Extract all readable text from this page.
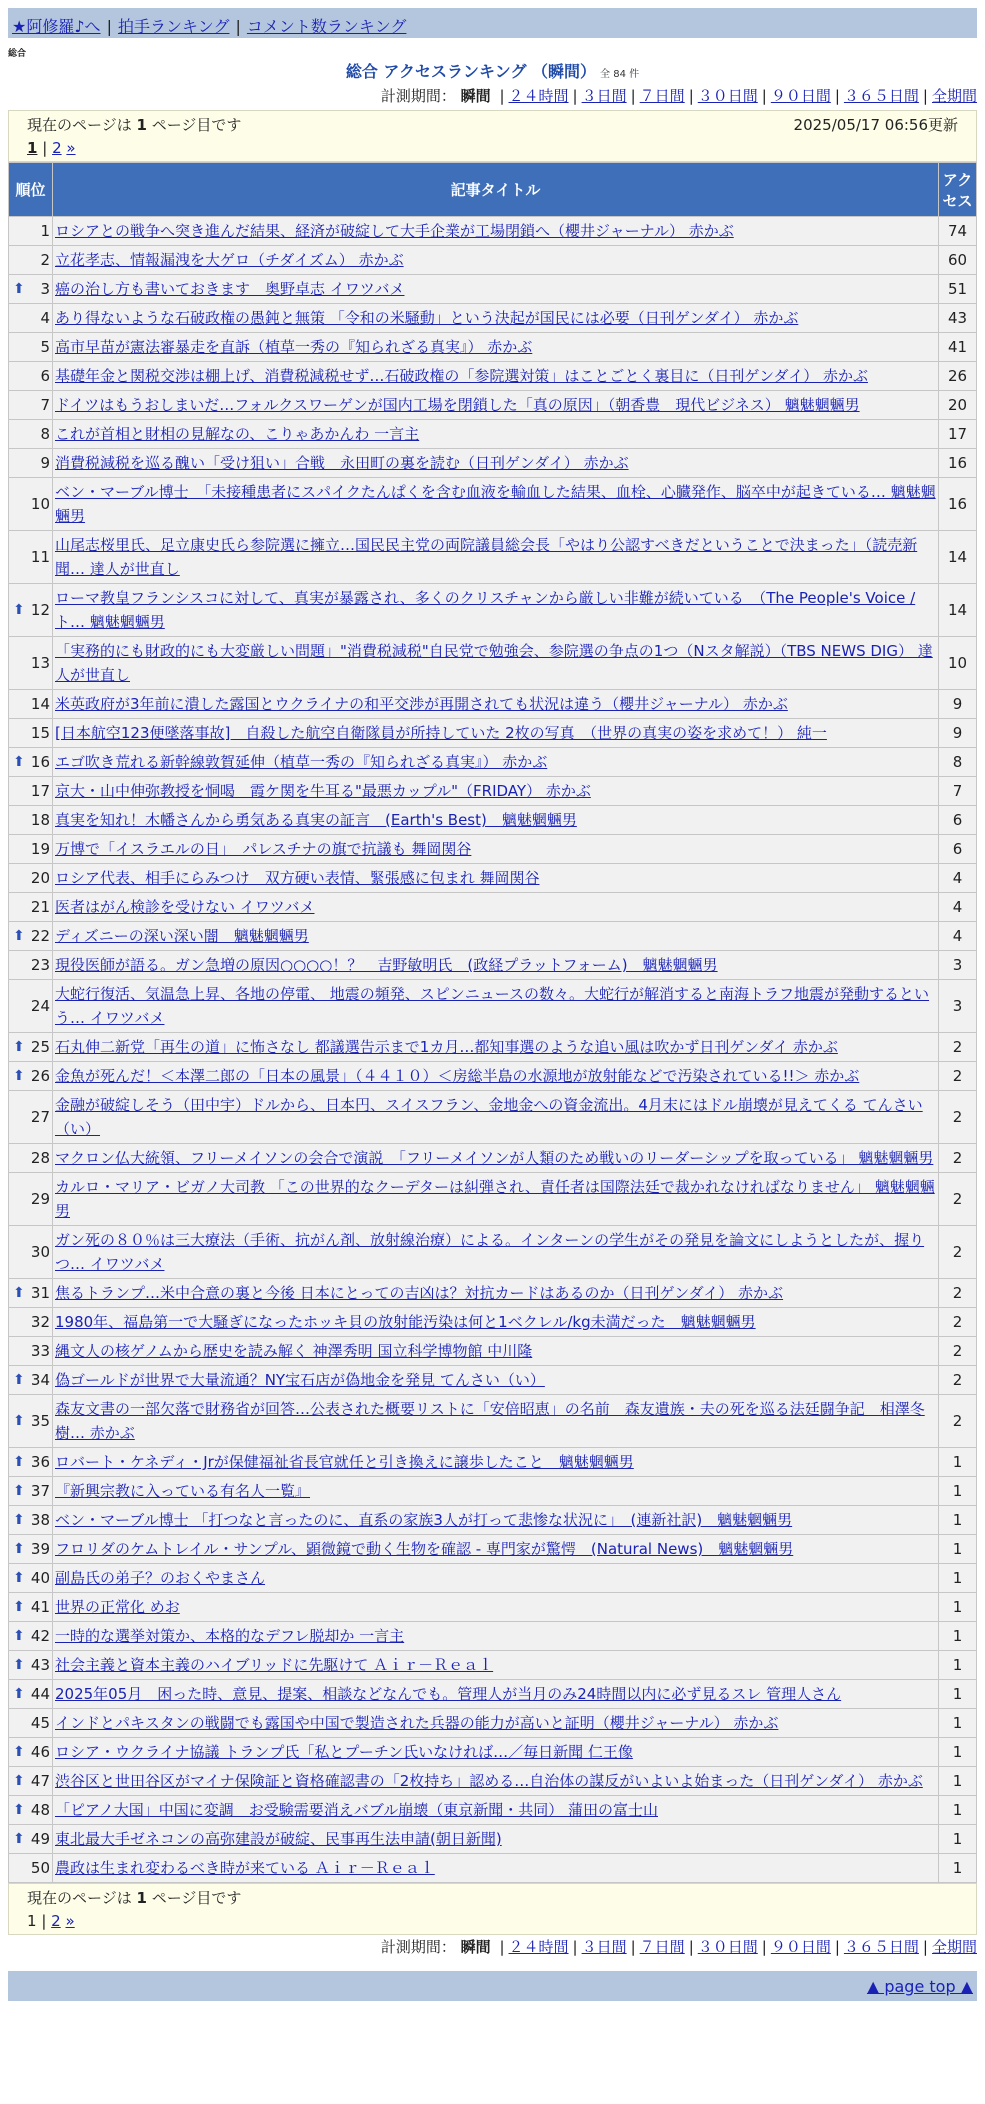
★阿修羅♪へ | 拍手ランキング | コメント数ランキング
総合
総合 アクセスランキング （瞬間） 全 84 件
計測期間： 瞬間 | ２４時間 | ３日間 | ７日間 | ３０日間 | ９０日間 | ３６５日間 | 全期間
現在のページは 1 ページ目です	2025/05/17 06:56更新
1 | 2 »
順位	記事タイトル	アクセス
1	ロシアとの戦争へ突き進んだ結果、経済が破綻して大手企業が工場閉鎖へ（櫻井ジャーナル） 赤かぶ	74
2	立花孝志、情報漏洩を大ゲロ（チダイズム） 赤かぶ	60

⬆ 3	癌の治し方も書いておきます　奥野卓志 イワツバメ	51
4	あり得ないような石破政権の愚鈍と無策 「令和の米騒動」という決起が国民には必要（日刊ゲンダイ） 赤かぶ	43
5	高市早苗が憲法審暴走を直訴（植草一秀の『知られざる真実』） 赤かぶ	41
6	基礎年金と関税交渉は棚上げ、消費税減税せず…石破政権の「参院選対策」はことごとく裏目に（日刊ゲンダイ） 赤かぶ	26
7	ドイツはもうおしまいだ…フォルクスワーゲンが国内工場を閉鎖した「真の原因」（朝香豊　現代ビジネス） 魑魅魍魎男	20
8	これが首相と財相の見解なの、こりゃあかんわ 一言主	17
9	消費税減税を巡る醜い「受け狙い」合戦　永田町の裏を読む（日刊ゲンダイ） 赤かぶ	16
10	ベン・マーブル博士　「未接種患者にスパイクたんぱくを含む血液を輸血した結果、血栓、心臓発作、脳卒中が起きている… 魑魅魍魎男	16
11	山尾志桜里氏、足立康史氏ら参院選に擁立…国民民主党の両院議員総会長「やはり公認すべきだということで決まった」（読売新聞… 達人が世直し	14

⬆ 12	ローマ教皇フランシスコに対して、真実が暴露され、多くのクリスチャンから厳しい非難が続いている　（The People's Voice / ト… 魑魅魍魎男	14
13	「実務的にも財政的にも大変厳しい問題」"消費税減税"自民党で勉強会、参院選の争点の1つ（Nスタ解説）（TBS NEWS DIG） 達人が世直し	10
14	米英政府が3年前に潰した露国とウクライナの和平交渉が再開されても状況は違う（櫻井ジャーナル） 赤かぶ	9
15	[日本航空123便墜落事故]　自殺した航空自衛隊員が所持していた 2枚の写真　（世界の真実の姿を求めて！） 純一	9

⬆ 16	エゴ吹き荒れる新幹線敦賀延伸（植草一秀の『知られざる真実』） 赤かぶ	8
17	京大・山中伸弥教授を恫喝　霞ケ関を牛耳る"最悪カップル"（FRIDAY） 赤かぶ	7
18	真実を知れ！木幡さんから勇気ある真実の証言　(Earth's Best)　魑魅魍魎男	6
19	万博で「イスラエルの日」　パレスチナの旗で抗議も 舞岡関谷	6
20	ロシア代表、相手にらみつけ　双方硬い表情、緊張感に包まれ 舞岡関谷	4
21	医者はがん検診を受けない イワツバメ	4

⬆ 22	ディズニーの深い深い闇　魑魅魍魎男	4
23	現役医師が語る。ガン急増の原因○○○○！？　吉野敏明氏　(政経プラットフォーム)　魑魅魍魎男	3
24	大蛇行復活、気温急上昇、各地の停電、 地震の頻発、スピンニュースの数々。大蛇行が解消すると南海トラフ地震が発動するという… イワツバメ	3

⬆ 25	石丸伸二新党「再生の道」に怖さなし 都議選告示まで1カ月…都知事選のような追い風は吹かず日刊ゲンダイ 赤かぶ	2

⬆ 26	金魚が死んだ！＜本澤二郎の「日本の風景」（４４１０）＜房総半島の水源地が放射能などで汚染されている!!＞ 赤かぶ	2
27	金融が破綻しそう（田中宇）ドルから、日本円、スイスフラン、金地金への資金流出。4月末にはドル崩壊が見えてくる てんさい（い）	2
28	マクロン仏大統領、フリーメイソンの会合で演説　「フリーメイソンが人類のため戦いのリーダーシップを取っている」 魑魅魍魎男	2
29	カルロ・マリア・ビガノ大司教 「この世界的なクーデターは糾弾され、責任者は国際法廷で裁かれなければなりません」 魑魅魍魎男	2
30	ガン死の８０％は三大療法（手術、抗がん剤、放射線治療）による。インターンの学生がその発見を論文にしようとしたが、握りつ… イワツバメ	2

⬆ 31	焦るトランプ…米中合意の裏と今後 日本にとっての吉凶は？対抗カードはあるのか（日刊ゲンダイ） 赤かぶ	2
32	1980年、福島第一で大騒ぎになったホッキ貝の放射能汚染は何と1ベクレル/kg未満だった　魑魅魍魎男	2
33	縄文人の核ゲノムから歴史を読み解く 神澤秀明 国立科学博物館 中川隆	2

⬆ 34	偽ゴールドが世界で大量流通？NY宝石店が偽地金を発見 てんさい（い）	2

⬆ 35	森友文書の一部欠落で財務省が回答…公表された概要リストに「安倍昭恵」の名前　森友遺族・夫の死を巡る法廷闘争記　相澤冬樹… 赤かぶ	2

⬆ 36	ロバート・ケネディ・Jrが保健福祉省長官就任と引き換えに譲歩したこと　魑魅魍魎男	1

⬆ 37	『新興宗教に入っている有名人一覧』	1

⬆ 38	ベン・マーブル博士 「打つなと言ったのに、直系の家族3人が打って悲惨な状況に」　(連新社訳)　魑魅魍魎男	1

⬆ 39	フロリダのケムトレイル・サンプル、顕微鏡で動く生物を確認 - 専門家が驚愕　(Natural News)　魑魅魍魎男	1

⬆ 40	副島氏の弟子？のおくやまさん	1

⬆ 41	世界の正常化 めお	1

⬆ 42	一時的な選挙対策か、本格的なデフレ脱却か 一言主	1

⬆ 43	社会主義と資本主義のハイブリッドに先駆けて Ａｉｒ－Ｒｅａｌ	1

⬆ 44	2025年05月　困った時、意見、提案、相談などなんでも。管理人が当月のみ24時間以内に必ず見るスレ 管理人さん	1
45	インドとパキスタンの戦闘でも露国や中国で製造された兵器の能力が高いと証明（櫻井ジャーナル） 赤かぶ	1

⬆ 46	ロシア・ウクライナ協議 トランプ氏「私とプーチン氏いなければ…／毎日新聞 仁王像	1

⬆ 47	渋谷区と世田谷区がマイナ保険証と資格確認書の「2枚持ち」認める…自治体の謀反がいよいよ始まった（日刊ゲンダイ） 赤かぶ	1

⬆ 48	「ピアノ大国」中国に変調　お受験需要消えバブル崩壊（東京新聞・共同） 蒲田の富士山	1

⬆ 49	東北最大手ゼネコンの高弥建設が破綻、民事再生法申請(朝日新聞)	1
50	農政は生まれ変わるべき時が来ている Ａｉｒ－Ｒｅａｌ	1
現在のページは 1 ページ目です
1 | 2 »
計測期間： 瞬間 | ２４時間 | ３日間 | ７日間 | ３０日間 | ９０日間 | ３６５日間 | 全期間
▲ page top ▲
